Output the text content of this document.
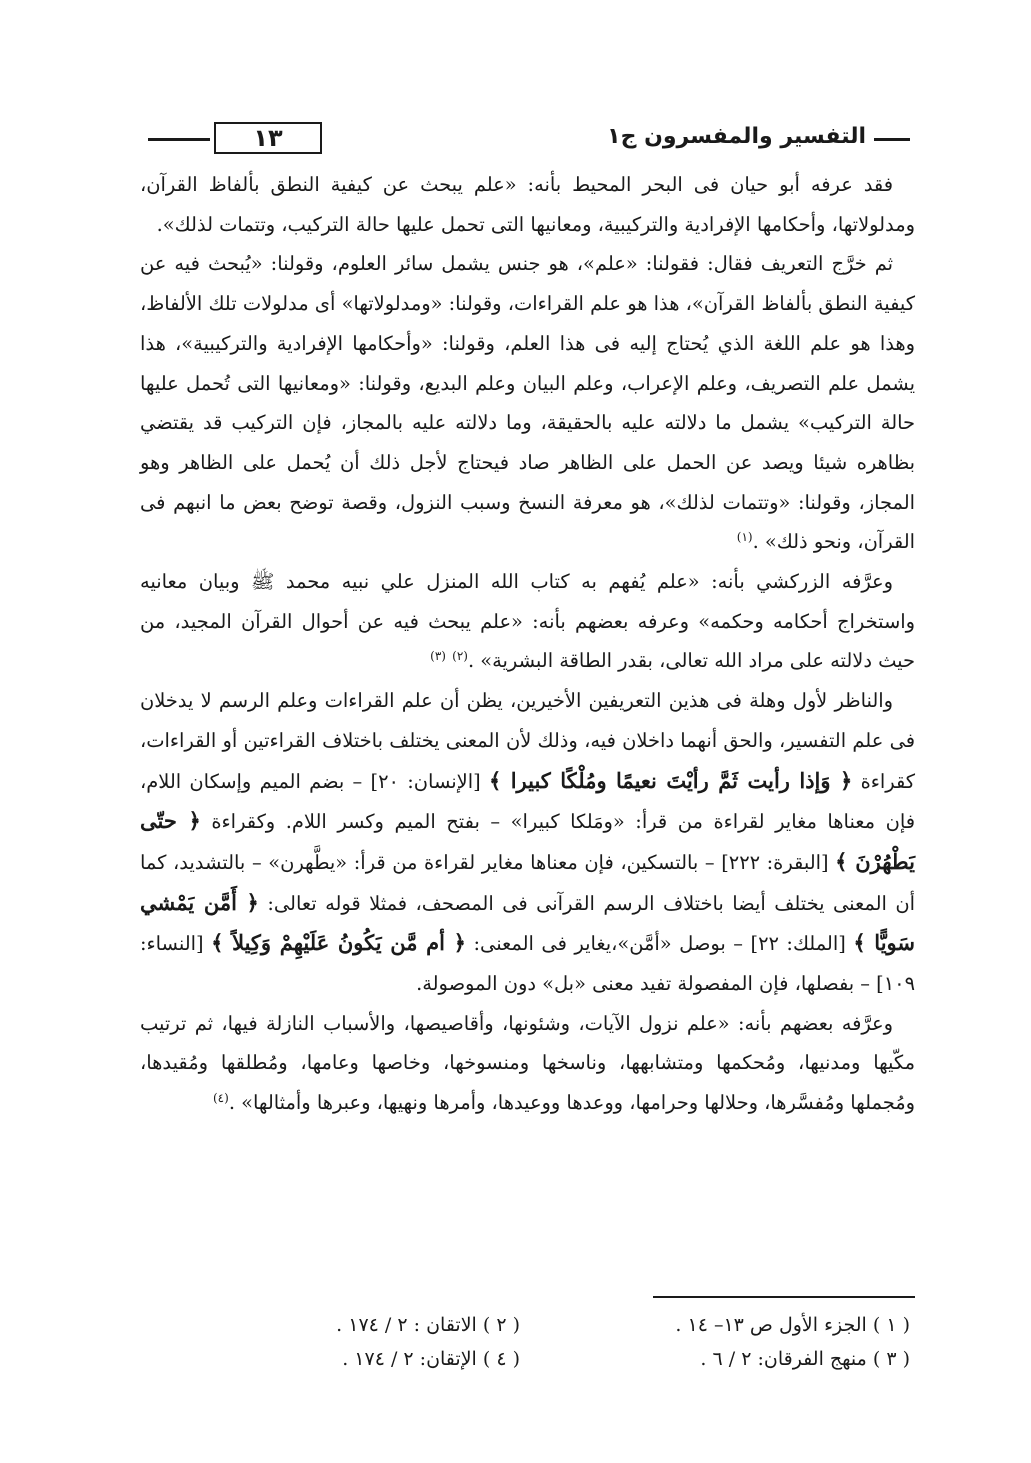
١٣	التفسير والمفسرون ج١

فقد عرفه أبو حيان فى البحر المحيط بأنه: «علم يبحث عن كيفية النطق بألفاظ القرآن، ومدلولاتها، وأحكامها الإفرادية والتركيبية، ومعانيها التى تحمل عليها حالة التركيب، وتتمات لذلك».

ثم خرَّج التعريف فقال: فقولنا: «علم»، هو جنس يشمل سائر العلوم، وقولنا: «يُبحث فيه عن كيفية النطق بألفاظ القرآن»، هذا هو علم القراءات، وقولنا: «ومدلولاتها» أى مدلولات تلك الألفاظ، وهذا هو علم اللغة الذي يُحتاج إليه فى هذا العلم، وقولنا: «وأحكامها الإفرادية والتركيبية»، هذا يشمل علم التصريف، وعلم الإعراب، وعلم البيان وعلم البديع، وقولنا: «ومعانيها التى تُحمل عليها حالة التركيب» يشمل ما دلالته عليه بالحقيقة، وما دلالته عليه بالمجاز، فإن التركيب قد يقتضي بظاهره شيئا ويصد عن الحمل على الظاهر صاد فيحتاج لأجل ذلك أن يُحمل على الظاهر وهو المجاز، وقولنا: «وتتمات لذلك»، هو معرفة النسخ وسبب النزول، وقصة توضح بعض ما انبهم فى القرآن، ونحو ذلك» .$^{(١)}$

وعرَّفه الزركشي بأنه: «علم يُفهم به كتاب الله المنزل علي نبيه محمد ﷺ وبيان معانيه واستخراج أحكامه وحكمه» وعرفه بعضهم بأنه: «علم يبحث فيه عن أحوال القرآن المجيد، من حيث دلالته على مراد الله تعالى، بقدر الطاقة البشرية» .$^{(٢)}$ $^{(٣)}$

والناظر لأول وهلة فى هذين التعريفين الأخيرين، يظن أن علم القراءات وعلم الرسم لا يدخلان فى علم التفسير، والحق أنهما داخلان فيه، وذلك لأن المعنى يختلف باختلاف القراءتين أو القراءات، كقراءة ﴿ وَإذا رأيت ثَمَّ رأيْتَ نعيمًا ومُلْكًا كبيرا ﴾ [الإنسان: ٢٠] – بضم الميم وإسكان اللام، فإن معناها مغاير لقراءة من قرأ: «ومَلكا كبيرا» – بفتح الميم وكسر اللام. وكقراءة ﴿ حتّى يَطْهُرْنَ ﴾ [البقرة: ٢٢٢] – بالتسكين، فإن معناها مغاير لقراءة من قرأ: «يطَّهرن» – بالتشديد، كما أن المعنى يختلف أيضا باختلاف الرسم القرآنى فى المصحف، فمثلا قوله تعالى: ﴿ أَمَّن يَمْشي سَويًّا ﴾ [الملك: ٢٢] – بوصل «أمَّن»،يغاير فى المعنى: ﴿ أم مَّن يَكُونُ عَلَيْهِمْ وَكِيلاً ﴾ [النساء: ١٠٩] – بفصلها، فإن المفصولة تفيد معنى «بل» دون الموصولة.

وعرَّفه بعضهم بأنه: «علم نزول الآيات، وشئونها، وأقاصيصها، والأسباب النازلة فيها، ثم ترتيب مكّيها ومدنيها، ومُحكمها ومتشابهها، وناسخها ومنسوخها، وخاصها وعامها، ومُطلقها ومُقيدها، ومُجملها ومُفسَّرها، وحلالها وحرامها، ووعدها ووعيدها، وأمرها ونهيها، وعبرها وأمثالها» .$^{(٤)}$

( ١ ) الجزء الأول ص ١٣– ١٤ .
( ٢ ) الاتقان : ٢ / ١٧٤ .
( ٣ ) منهج الفرقان: ٢ / ٦ .
( ٤ ) الإتقان: ٢ / ١٧٤ .
